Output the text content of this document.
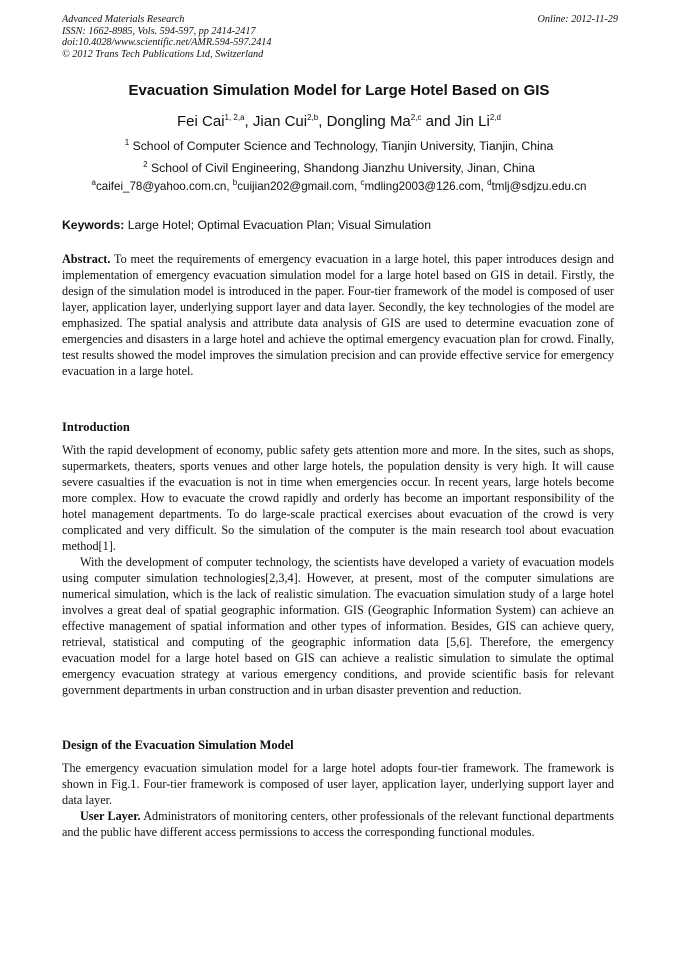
Advanced Materials Research
ISSN: 1662-8985, Vols. 594-597, pp 2414-2417
doi:10.4028/www.scientific.net/AMR.594-597.2414
© 2012 Trans Tech Publications Ltd, Switzerland
Online: 2012-11-29
Evacuation Simulation Model for Large Hotel Based on GIS
Fei Cai$^{1, 2,a}$, Jian Cui$^{2,b}$, Dongling Ma$^{2,c}$ and Jin Li$^{2,d}$
$^1$ School of Computer Science and Technology, Tianjin University, Tianjin, China
$^2$ School of Civil Engineering, Shandong Jianzhu University, Jinan, China
$^a$caifei_78@yahoo.com.cn, $^b$cuijian202@gmail.com, $^c$mdling2003@126.com, $^d$tmlj@sdjzu.edu.cn
Keywords: Large Hotel; Optimal Evacuation Plan; Visual Simulation

Abstract. To meet the requirements of emergency evacuation in a large hotel, this paper introduces design and implementation of emergency evacuation simulation model for a large hotel based on GIS in detail. Firstly, the design of the simulation model is introduced in the paper. Four-tier framework of the model is composed of user layer, application layer, underlying support layer and data layer. Secondly, the key technologies of the model are emphasized. The spatial analysis and attribute data analysis of GIS are used to determine evacuation zone of emergencies and disasters in a large hotel and achieve the optimal emergency evacuation plan for crowd. Finally, test results showed the model improves the simulation precision and can provide effective service for emergency evacuation in a large hotel.

Introduction

With the rapid development of economy, public safety gets attention more and more. In the sites, such as shops, supermarkets, theaters, sports venues and other large hotels, the population density is very high. It will cause severe casualties if the evacuation is not in time when emergencies occur. In recent years, large hotels become more complex. How to evacuate the crowd rapidly and orderly has become an important responsibility of the hotel management departments. To do large-scale practical exercises about evacuation of the crowd is very complicated and very difficult. So the simulation of the computer is the main research tool about evacuation method[1].

With the development of computer technology, the scientists have developed a variety of evacuation models using computer simulation technologies[2,3,4]. However, at present, most of the computer simulations are numerical simulation, which is the lack of realistic simulation. The evacuation simulation study of a large hotel involves a great deal of spatial geographic information. GIS (Geographic Information System) can achieve an effective management of spatial information and other types of information. Besides, GIS can achieve query, retrieval, statistical and computing of the geographic information data [5,6]. Therefore, the emergency evacuation model for a large hotel based on GIS can achieve a realistic simulation to simulate the optimal emergency evacuation strategy at various emergency conditions, and provide scientific basis for relevant government departments in urban construction and in urban disaster prevention and reduction.

Design of the Evacuation Simulation Model

The emergency evacuation simulation model for a large hotel adopts four-tier framework. The framework is shown in Fig.1. Four-tier framework is composed of user layer, application layer, underlying support layer and data layer.

User Layer. Administrators of monitoring centers, other professionals of the relevant functional departments and the public have different access permissions to access the corresponding functional modules.
